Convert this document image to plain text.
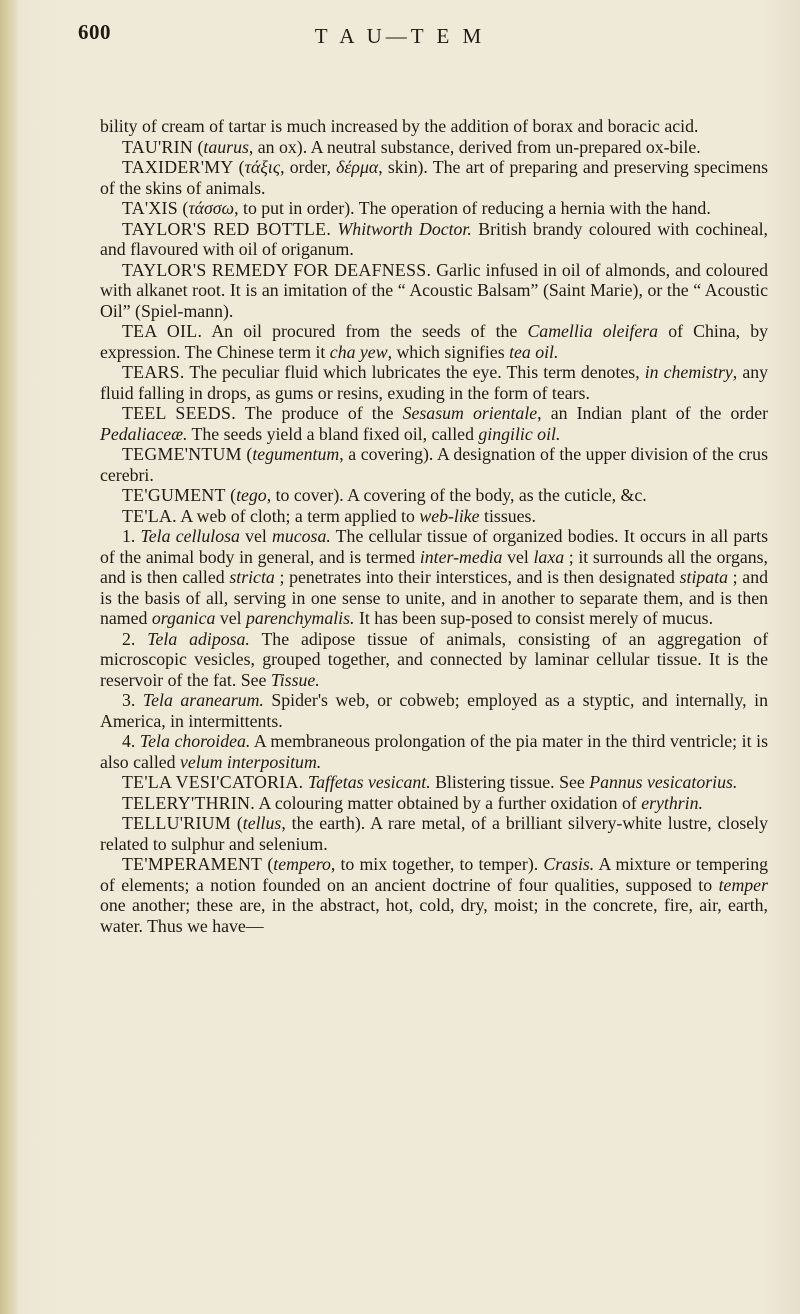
600	T A U—T E M

bility of cream of tartar is much increased by the addition of borax and boracic acid.

TAU'RIN (taurus, an ox). A neutral substance, derived from un-prepared ox-bile.

TAXIDER'MY (τάξις, order, δέρμα, skin). The art of preparing and preserving specimens of the skins of animals.

TA'XIS (τάσσω, to put in order). The operation of reducing a hernia with the hand.

TAYLOR'S RED BOTTLE. Whitworth Doctor. British brandy coloured with cochineal, and flavoured with oil of origanum.

TAYLOR'S REMEDY FOR DEAFNESS. Garlic infused in oil of almonds, and coloured with alkanet root. It is an imitation of the “ Acoustic Balsam” (Saint Marie), or the “ Acoustic Oil” (Spiel-mann).

TEA OIL. An oil procured from the seeds of the Camellia oleifera of China, by expression. The Chinese term it cha yew, which signifies tea oil.

TEARS. The peculiar fluid which lubricates the eye. This term denotes, in chemistry, any fluid falling in drops, as gums or resins, exuding in the form of tears.

TEEL SEEDS. The produce of the Sesasum orientale, an Indian plant of the order Pedaliaceæ. The seeds yield a bland fixed oil, called gingilic oil.

TEGME'NTUM (tegumentum, a covering). A designation of the upper division of the crus cerebri.

TE'GUMENT (tego, to cover). A covering of the body, as the cuticle, &c.

TE'LA. A web of cloth; a term applied to web-like tissues.

1. Tela cellulosa vel mucosa. The cellular tissue of organized bodies. It occurs in all parts of the animal body in general, and is termed inter-media vel laxa ; it surrounds all the organs, and is then called stricta ; penetrates into their interstices, and is then designated stipata ; and is the basis of all, serving in one sense to unite, and in another to separate them, and is then named organica vel parenchymalis. It has been sup-posed to consist merely of mucus.

2. Tela adiposa. The adipose tissue of animals, consisting of an aggregation of microscopic vesicles, grouped together, and connected by laminar cellular tissue. It is the reservoir of the fat. See Tissue.

3. Tela aranearum. Spider's web, or cobweb; employed as a styptic, and internally, in America, in intermittents.

4. Tela choroidea. A membraneous prolongation of the pia mater in the third ventricle; it is also called velum interpositum.

TE'LA VESI'CATORIA. Taffetas vesicant. Blistering tissue. See Pannus vesicatorius.

TELERY'THRIN. A colouring matter obtained by a further oxidation of erythrin.

TELLU'RIUM (tellus, the earth). A rare metal, of a brilliant silvery-white lustre, closely related to sulphur and selenium.

TE'MPERAMENT (tempero, to mix together, to temper). Crasis. A mixture or tempering of elements; a notion founded on an ancient doctrine of four qualities, supposed to temper one another; these are, in the abstract, hot, cold, dry, moist; in the concrete, fire, air, earth, water. Thus we have—
